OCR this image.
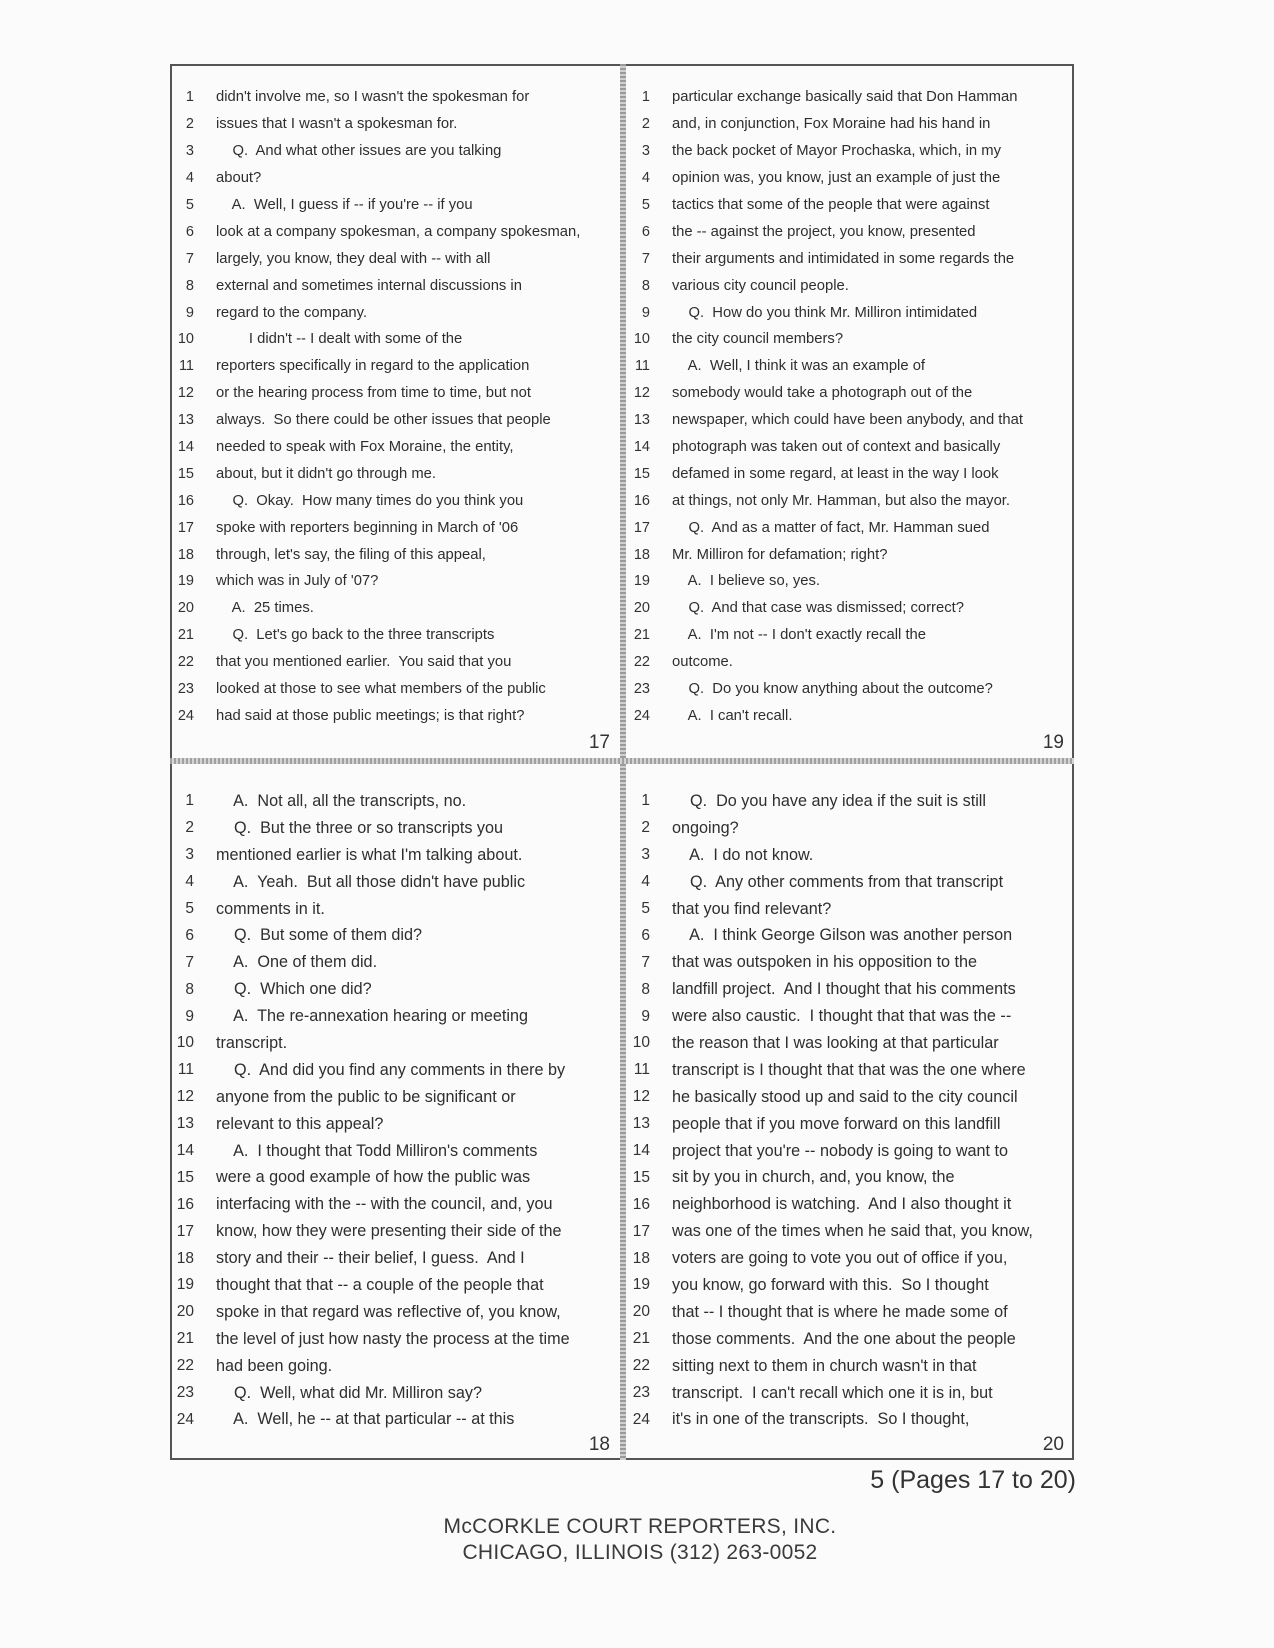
1 didn't involve me, so I wasn't the spokesman for
2 issues that I wasn't a spokesman for.
3 Q.  And what other issues are you talking
4 about?
5 A.  Well, I guess if -- if you're -- if you
6 look at a company spokesman, a company spokesman,
7 largely, you know, they deal with -- with all
8 external and sometimes internal discussions in
9 regard to the company.
10 I didn't -- I dealt with some of the
11 reporters specifically in regard to the application
12 or the hearing process from time to time, but not
13 always.  So there could be other issues that people
14 needed to speak with Fox Moraine, the entity,
15 about, but it didn't go through me.
16 Q.  Okay.  How many times do you think you
17 spoke with reporters beginning in March of '06
18 through, let's say, the filing of this appeal,
19 which was in July of '07?
20 A.  25 times.
21 Q.  Let's go back to the three transcripts
22 that you mentioned earlier.  You said that you
23 looked at those to see what members of the public
24 had said at those public meetings; is that right?
17
1 particular exchange basically said that Don Hamman
2 and, in conjunction, Fox Moraine had his hand in
3 the back pocket of Mayor Prochaska, which, in my
4 opinion was, you know, just an example of just the
5 tactics that some of the people that were against
6 the -- against the project, you know, presented
7 their arguments and intimidated in some regards the
8 various city council people.
9 Q.  How do you think Mr. Milliron intimidated
10 the city council members?
11 A.  Well, I think it was an example of
12 somebody would take a photograph out of the
13 newspaper, which could have been anybody, and that
14 photograph was taken out of context and basically
15 defamed in some regard, at least in the way I look
16 at things, not only Mr. Hamman, but also the mayor.
17 Q.  And as a matter of fact, Mr. Hamman sued
18 Mr. Milliron for defamation; right?
19 A.  I believe so, yes.
20 Q.  And that case was dismissed; correct?
21 A.  I'm not -- I don't exactly recall the
22 outcome.
23 Q.  Do you know anything about the outcome?
24 A.  I can't recall.
19
1 A.  Not all, all the transcripts, no.
2 Q.  But the three or so transcripts you
3 mentioned earlier is what I'm talking about.
4 A.  Yeah.  But all those didn't have public
5 comments in it.
6 Q.  But some of them did?
7 A.  One of them did.
8 Q.  Which one did?
9 A.  The re-annexation hearing or meeting
10 transcript.
11 Q.  And did you find any comments in there by
12 anyone from the public to be significant or
13 relevant to this appeal?
14 A.  I thought that Todd Milliron's comments
15 were a good example of how the public was
16 interfacing with the -- with the council, and, you
17 know, how they were presenting their side of the
18 story and their -- their belief, I guess.  And I
19 thought that that -- a couple of the people that
20 spoke in that regard was reflective of, you know,
21 the level of just how nasty the process at the time
22 had been going.
23 Q.  Well, what did Mr. Milliron say?
24 A.  Well, he -- at that particular -- at this
18
1 Q.  Do you have any idea if the suit is still
2 ongoing?
3 A.  I do not know.
4 Q.  Any other comments from that transcript
5 that you find relevant?
6 A.  I think George Gilson was another person
7 that was outspoken in his opposition to the
8 landfill project.  And I thought that his comments
9 were also caustic.  I thought that that was the --
10 the reason that I was looking at that particular
11 transcript is I thought that that was the one where
12 he basically stood up and said to the city council
13 people that if you move forward on this landfill
14 project that you're -- nobody is going to want to
15 sit by you in church, and, you know, the
16 neighborhood is watching.  And I also thought it
17 was one of the times when he said that, you know,
18 voters are going to vote you out of office if you,
19 you know, go forward with this.  So I thought
20 that -- I thought that is where he made some of
21 those comments.  And the one about the people
22 sitting next to them in church wasn't in that
23 transcript.  I can't recall which one it is in, but
24 it's in one of the transcripts.  So I thought,
20
5 (Pages 17 to 20)
McCORKLE COURT REPORTERS, INC.
CHICAGO, ILLINOIS (312) 263-0052
